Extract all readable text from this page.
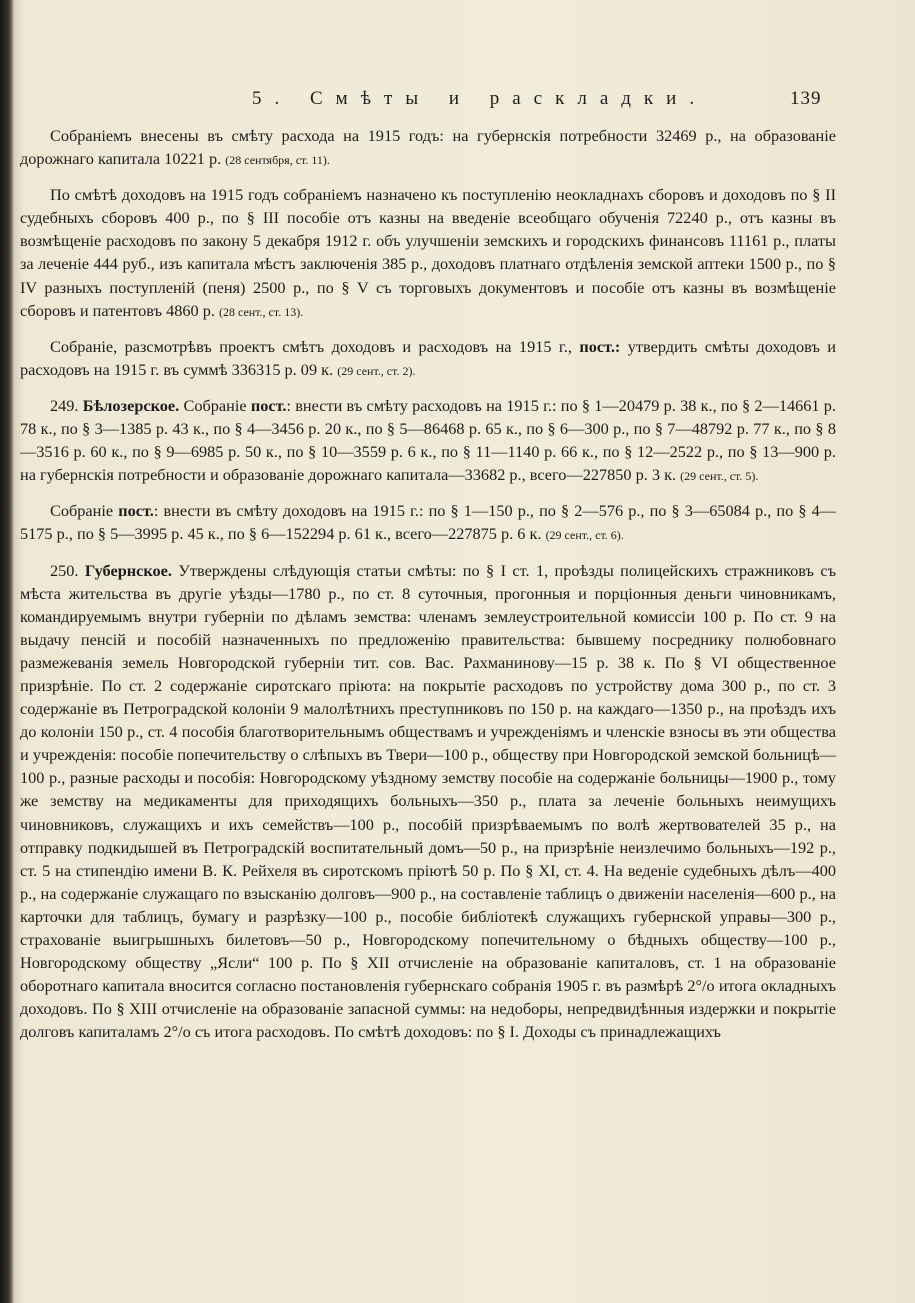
5. Смѣты и раскладки.	139

Собраніемъ внесены въ смѣту расхода на 1915 годъ: на губернскія потребности 32469 р., на образованіе дорожнаго капитала 10221 р. (28 сентября, ст. 11).

По смѣтѣ доходовъ на 1915 годъ собраніемъ назначено къ поступленію неокладнахъ сборовъ и доходовъ по § II судебныхъ сборовъ 400 р., по § III пособіе отъ казны на введеніе всеобщаго обученія 72240 р., отъ казны въ возмѣщеніе расходовъ по закону 5 декабря 1912 г. объ улучшеніи земскихъ и городскихъ финансовъ 11161 р., платы за леченіе 444 руб., изъ капитала мѣстъ заключенія 385 р., доходовъ платнаго отдѣленія земской аптеки 1500 р., по § IV разныхъ поступленій (пеня) 2500 р., по § V съ торговыхъ документовъ и пособіе отъ казны въ возмѣщеніе сборовъ и патентовъ 4860 р. (28 сент., ст. 13).

Собраніе, разсмотрѣвъ проектъ смѣтъ доходовъ и расходовъ на 1915 г., пост.: утвердить смѣты доходовъ и расходовъ на 1915 г. въ суммѣ 336315 р. 09 к. (29 сент., ст. 2).

249. Бѣлозерское. Собраніе пост.: внести въ смѣту расходовъ на 1915 г.: по § 1—20479 р. 38 к., по § 2—14661 р. 78 к., по § 3—1385 р. 43 к., по § 4—3456 р. 20 к., по § 5—86468 р. 65 к., по § 6—300 р., по § 7—48792 р. 77 к., по § 8—3516 р. 60 к., по § 9—6985 р. 50 к., по § 10—3559 р. 6 к., по § 11—1140 р. 66 к., по § 12—2522 р., по § 13—900 р. на губернскія потребности и образованіе дорожнаго капитала—33682 р., всего—227850 р. 3 к. (29 сент., ст. 5).

Собраніе пост.: внести въ смѣту доходовъ на 1915 г.: по § 1—150 р., по § 2—576 р., по § 3—65084 р., по § 4—5175 р., по § 5—3995 р. 45 к., по § 6—152294 р. 61 к., всего—227875 р. 6 к. (29 сент., ст. 6).

250. Губернское. Утверждены слѣдующія статьи смѣты: по § I ст. 1, проѣзды полицейскихъ стражниковъ съ мѣста жительства въ другіе уѣзды—1780 р., по ст. 8 суточныя, прогонныя и порціонныя деньги чиновникамъ, командируемымъ внутри губерніи по дѣламъ земства: членамъ землеустроительной комиссіи 100 р. По ст. 9 на выдачу пенсій и пособій назначенныхъ по предложенію правительства: бывшему посреднику полюбовнаго размежеванія земель Новгородской губерніи тит. сов. Вас. Рахманинову—15 р. 38 к. По § VI общественное призрѣніе. По ст. 2 содержаніе сиротскаго пріюта: на покрытіе расходовъ по устройству дома 300 р., по ст. 3 содержаніе въ Петроградской колоніи 9 малолѣтнихъ преступниковъ по 150 р. на каждаго—1350 р., на проѣздъ ихъ до колоніи 150 р., ст. 4 пособія благотворительнымъ обществамъ и учрежденіямъ и членскіе взносы въ эти общества и учрежденія: пособіе попечительству о слѣпыхъ въ Твери—100 р., обществу при Новгородской земской больницѣ—100 р., разные расходы и пособія: Новгородскому уѣздному земству пособіе на содержаніе больницы—1900 р., тому же земству на медикаменты для приходящихъ больныхъ—350 р., плата за леченіе больныхъ неимущихъ чиновниковъ, служащихъ и ихъ семействъ—100 р., пособій призрѣваемымъ по волѣ жертвователей 35 р., на отправку подкидышей въ Петроградскій воспитательный домъ—50 р., на призрѣніе неизлечимо больныхъ—192 р., ст. 5 на стипендію имени В. К. Рейхеля въ сиротскомъ пріютѣ 50 р. По § XI, ст. 4. На веденіе судебныхъ дѣлъ—400 р., на содержаніе служащаго по взысканію долговъ—900 р., на составленіе таблицъ о движеніи населенія—600 р., на карточки для таблицъ, бумагу и разрѣзку—100 р., пособіе библіотекѣ служащихъ губернской управы—300 р., страхованіе выигрышныхъ билетовъ—50 р., Новгородскому попечительному о бѣдныхъ обществу—100 р., Новгородскому обществу „Ясли“ 100 р. По § XII отчисленіе на образованіе капиталовъ, ст. 1 на образованіе оборотнаго капитала вносится согласно постановленія губернскаго собранія 1905 г. въ размѣрѣ 2°/о итога окладныхъ доходовъ. По § XIII отчисленіе на образованіе запасной суммы: на недоборы, непредвидѣнныя издержки и покрытіе долговъ капиталамъ 2°/о съ итога расходовъ. По смѣтѣ доходовъ: по § I. Доходы съ принадлежащихъ
